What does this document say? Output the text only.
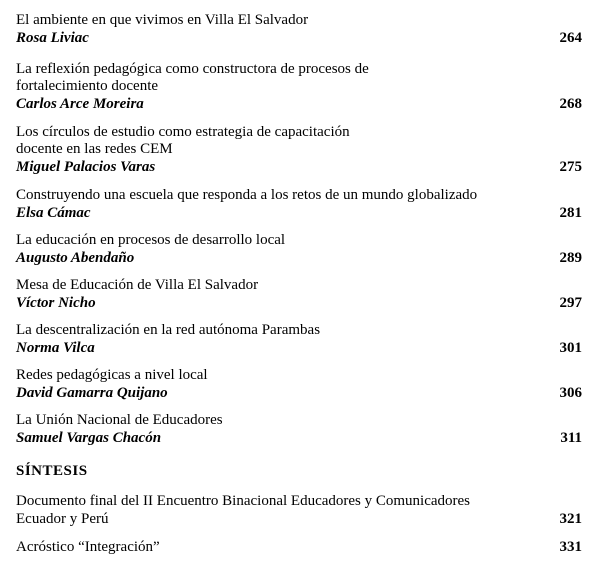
El ambiente en que vivimos en Villa El Salvador
Rosa Liviac	264
La reflexión pedagógica como constructora de procesos de
fortalecimiento docente
Carlos Arce Moreira	268
Los círculos de estudio como estrategia de capacitación
docente en las redes CEM
Miguel Palacios Varas	275
Construyendo una escuela que responda a los retos de un mundo globalizado
Elsa Cámac	281
La educación en procesos de desarrollo local
Augusto Abendaño	289
Mesa de Educación de Villa El Salvador
Víctor Nicho	297
La descentralización en la red autónoma Parambas
Norma Vilca	301
Redes pedagógicas a nivel local
David Gamarra Quijano	306
La Unión Nacional de Educadores
Samuel Vargas Chacón	311
SÍNTESIS
Documento final del II Encuentro Binacional Educadores y Comunicadores
Ecuador y Perú	321
Acróstico “Integración”	331
